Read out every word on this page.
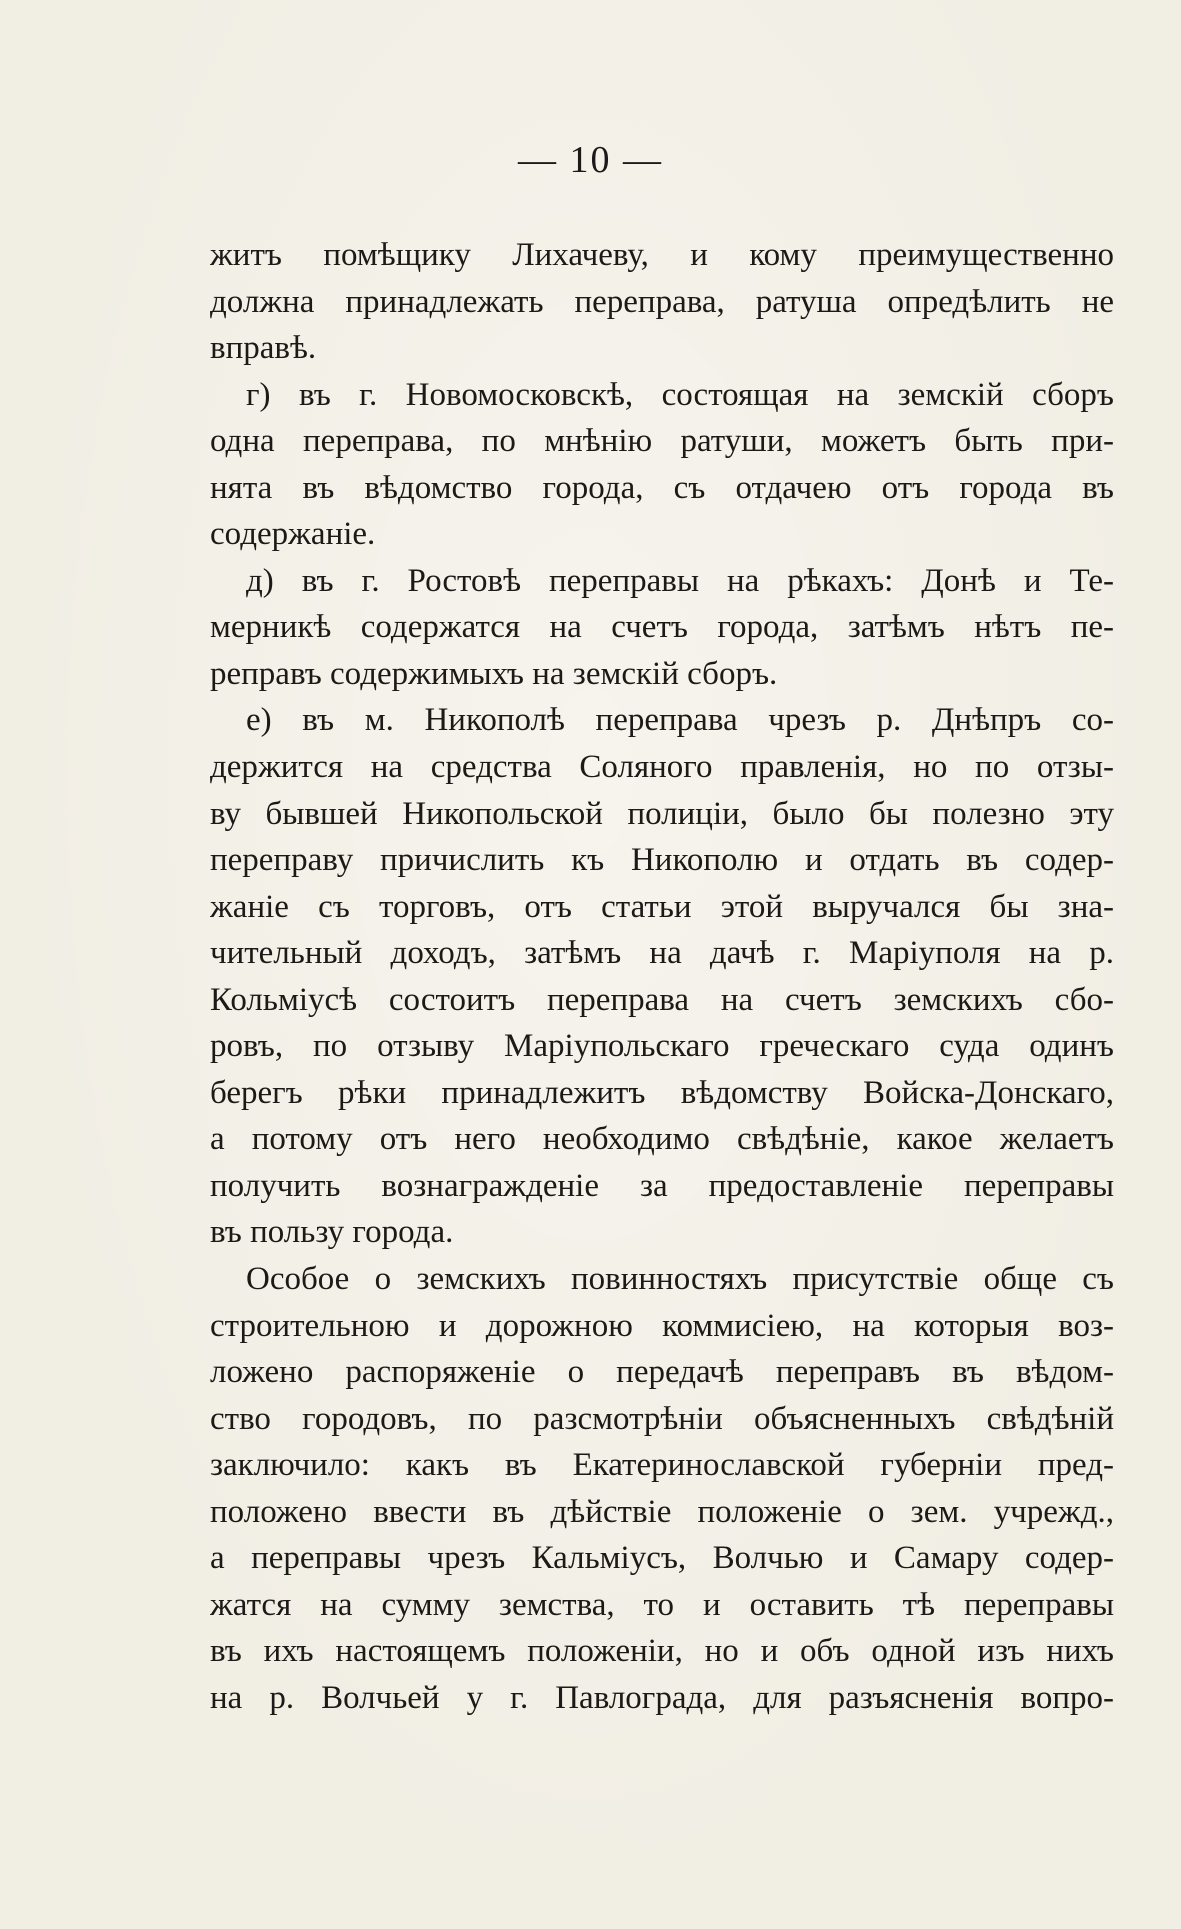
— 10 —
житъ помѣщику Лихачеву, и кому преимущественно
должна принадлежать переправа, ратуша опредѣлить не
вправѣ.
г) въ г. Новомосковскѣ, состоящая на земскій сборъ
одна переправа, по мнѣнію ратуши, можетъ быть при-
нята въ вѣдомство города, съ отдачею отъ города въ
содержаніе.
д) въ г. Ростовѣ переправы на рѣкахъ: Донѣ и Те-
мерникѣ содержатся на счетъ города, затѣмъ нѣтъ пе-
реправъ содержимыхъ на земскій сборъ.
е) въ м. Никополѣ переправа чрезъ р. Днѣпръ со-
держится на средства Соляного правленія, но по отзы-
ву бывшей Никопольской полиціи, было бы полезно эту
переправу причислить къ Никополю и отдать въ содер-
жаніе съ торговъ, отъ статьи этой выручался бы зна-
чительный доходъ, затѣмъ на дачѣ г. Маріуполя на р.
Кольміусѣ состоитъ переправа на счетъ земскихъ сбо-
ровъ, по отзыву Маріупольскаго греческаго суда одинъ
берегъ рѣки принадлежитъ вѣдомству Войска-Донскаго,
а потому отъ него необходимо свѣдѣніе, какое желаетъ
получить вознагражденіе за предоставленіе переправы
въ пользу города.
Особое о земскихъ повинностяхъ присутствіе обще съ
строительною и дорожною коммисіею, на которыя воз-
ложено распоряженіе о передачѣ переправъ въ вѣдом-
ство городовъ, по разсмотрѣніи объясненныхъ свѣдѣній
заключило: какъ въ Екатеринославской губерніи пред-
положено ввести въ дѣйствіе положеніе о зем. учрежд.,
а переправы чрезъ Кальміусъ, Волчью и Самару содер-
жатся на сумму земства, то и оставить тѣ переправы
въ ихъ настоящемъ положеніи, но и объ одной изъ нихъ
на р. Волчьей у г. Павлограда, для разъясненія вопро-
